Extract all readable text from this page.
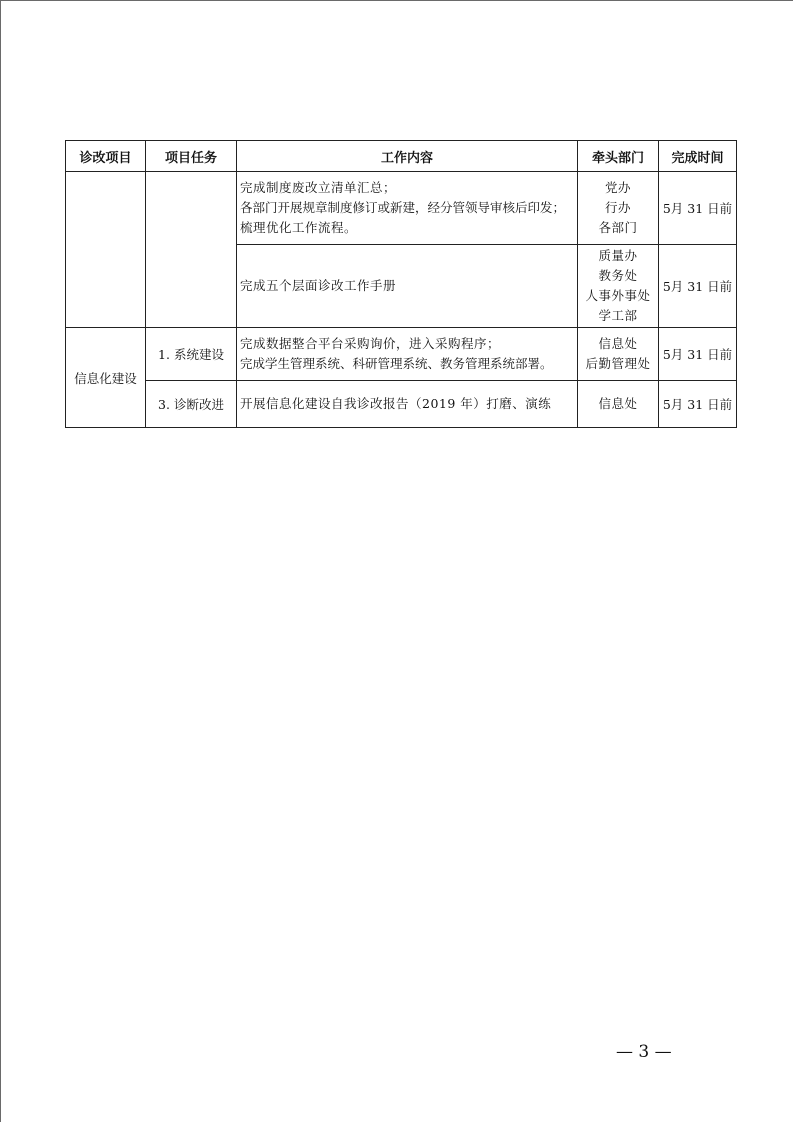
诊改项目	项目任务	工作内容	牵头部门	完成时间

		完成制度废改立清单汇总；
各部门开展规章制度修订或新建，经分管领导审核后印发；
梳理优化工作流程。	党办
行办
各部门	5月 31 日前

		完成五个层面诊改工作手册	质量办
教务处
人事外事处
学工部	5月 31 日前
信息化建设	1. 系统建设	完成数据整合平台采购询价，进入采购程序；
完成学生管理系统、科研管理系统、教务管理系统部署。	信息处
后勤管理处	5月 31 日前
	3. 诊断改进	开展信息化建设自我诊改报告（2019 年）打磨、演练	信息处	5月 31 日前
— 3 —
